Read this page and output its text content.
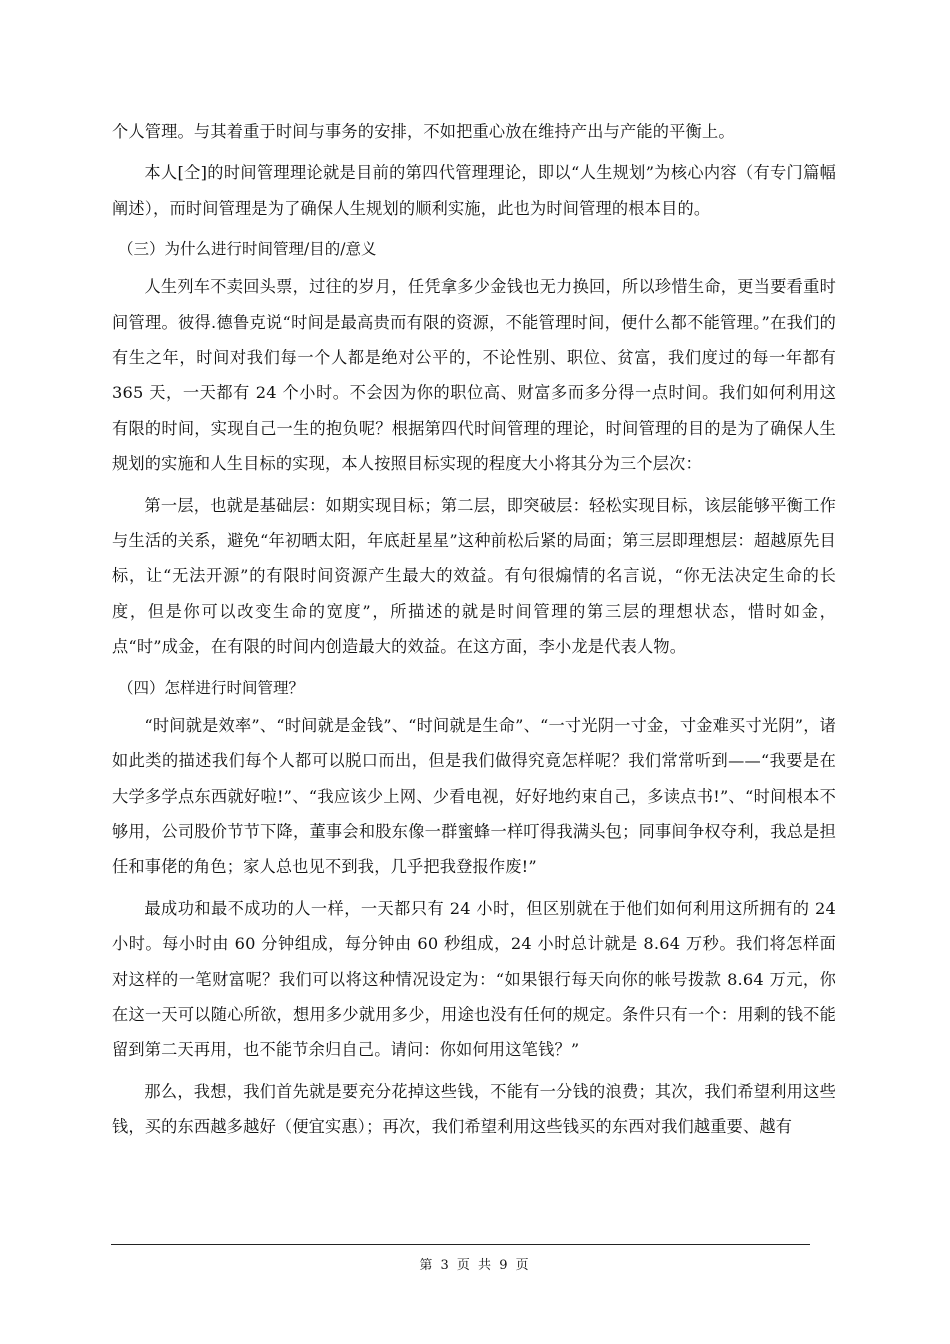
个人管理。与其着重于时间与事务的安排，不如把重心放在维持产出与产能的平衡上。

本人[仝]的时间管理理论就是目前的第四代管理理论，即以“人生规划”为核心内容（有专门篇幅阐述），而时间管理是为了确保人生规划的顺利实施，此也为时间管理的根本目的。

（三）为什么进行时间管理/目的/意义

人生列车不卖回头票，过往的岁月，任凭拿多少金钱也无力换回，所以珍惜生命，更当要看重时间管理。彼得.德鲁克说“时间是最高贵而有限的资源，不能管理时间，便什么都不能管理。”在我们的有生之年，时间对我们每一个人都是绝对公平的，不论性别、职位、贫富，我们度过的每一年都有 365 天，一天都有 24 个小时。不会因为你的职位高、财富多而多分得一点时间。我们如何利用这有限的时间，实现自己一生的抱负呢？根据第四代时间管理的理论，时间管理的目的是为了确保人生规划的实施和人生目标的实现，本人按照目标实现的程度大小将其分为三个层次：

第一层，也就是基础层：如期实现目标；第二层，即突破层：轻松实现目标，该层能够平衡工作与生活的关系，避免“年初晒太阳，年底赶星星”这种前松后紧的局面；第三层即理想层：超越原先目标，让“无法开源”的有限时间资源产生最大的效益。有句很煽情的名言说，“你无法决定生命的长度，但是你可以改变生命的宽度”，所描述的就是时间管理的第三层的理想状态，惜时如金，点“时”成金，在有限的时间内创造最大的效益。在这方面，李小龙是代表人物。

（四）怎样进行时间管理？

“时间就是效率”、“时间就是金钱”、“时间就是生命”、“一寸光阴一寸金，寸金难买寸光阴”，诸如此类的描述我们每个人都可以脱口而出，但是我们做得究竟怎样呢？我们常常听到——“我要是在大学多学点东西就好啦!”、“我应该少上网、少看电视，好好地约束自己，多读点书!”、“时间根本不够用，公司股价节节下降，董事会和股东像一群蜜蜂一样叮得我满头包；同事间争权夺利，我总是担任和事佬的角色；家人总也见不到我，几乎把我登报作废!”

最成功和最不成功的人一样，一天都只有 24 小时，但区别就在于他们如何利用这所拥有的 24 小时。每小时由 60 分钟组成，每分钟由 60 秒组成，24 小时总计就是 8.64 万秒。我们将怎样面对这样的一笔财富呢？我们可以将这种情况设定为：“如果银行每天向你的帐号拨款 8.64 万元，你在这一天可以随心所欲，想用多少就用多少，用途也没有任何的规定。条件只有一个：用剩的钱不能留到第二天再用，也不能节余归自己。请问：你如何用这笔钱？”

那么，我想，我们首先就是要充分花掉这些钱，不能有一分钱的浪费；其次，我们希望利用这些钱，买的东西越多越好（便宜实惠）；再次，我们希望利用这些钱买的东西对我们越重要、越有

第 3 页 共 9 页
